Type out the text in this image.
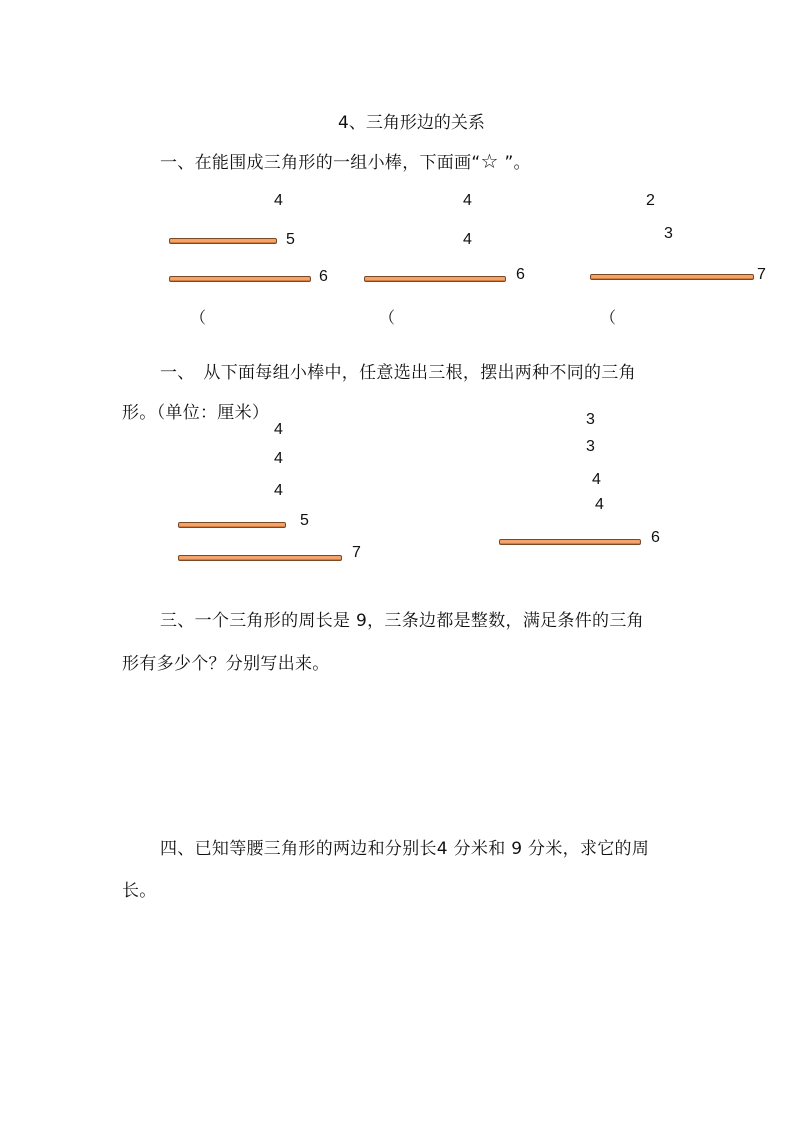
4、三角形边的关系
一、在能围成三角形的一组小棒，下面画“☆ ”。
4
5
6
（
4
4
6
（
2
3
7
（
一、　从下面每组小棒中，任意选出三根，摆出两种不同的三角
形。（单位：厘米）
4
4
4
5
7
3
3
4
4
6
三、一个三角形的周长是 9，三条边都是整数，满足条件的三角
形有多少个？分别写出来。
四、已知等腰三角形的两边和分别长4 分米和 9 分米，求它的周
长。
